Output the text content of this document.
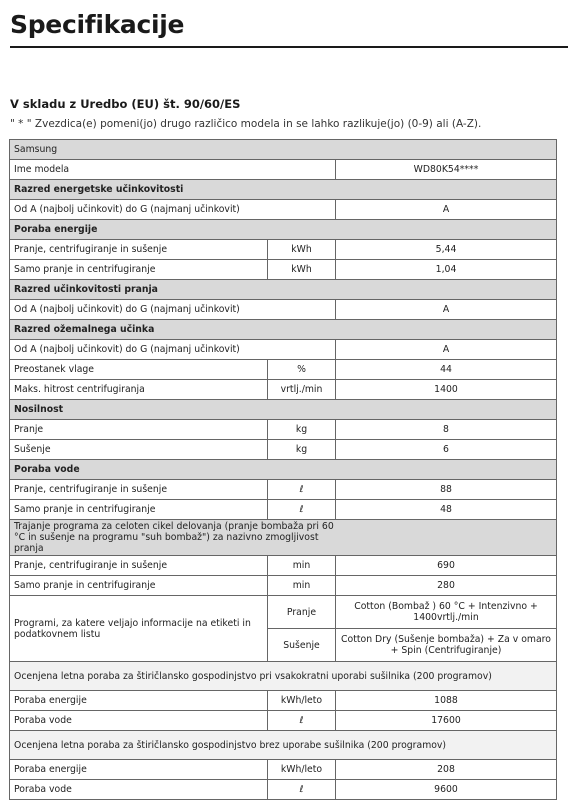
Specifikacije

V skladu z Uredbo (EU) št. 90/60/ES

" * " Zvezdica(e) pomeni(jo) drugo različico modela in se lahko razlikuje(jo) (0-9) ali (A-Z).

Samsung		
Ime modela		WD80K54****
Razred energetske učinkovitosti		
Od A (najbolj učinkovit) do G (najmanj učinkovit)		A
Poraba energije		
Pranje, centrifugiranje in sušenje	kWh	5,44
Samo pranje in centrifugiranje	kWh	1,04
Razred učinkovitosti pranja		
Od A (najbolj učinkovit) do G (najmanj učinkovit)		A
Razred ožemalnega učinka		
Od A (najbolj učinkovit) do G (najmanj učinkovit)		A
Preostanek vlage	%	44
Maks. hitrost centrifugiranja	vrtlj./min	1400
Nosilnost		
Pranje	kg	8
Sušenje	kg	6
Poraba vode		
Pranje, centrifugiranje in sušenje	ℓ	88
Samo pranje in centrifugiranje	ℓ	48

Trajanje programa za celoten cikel delovanja (pranje bombaža pri 60 °C in sušenje na programu "suh bombaž") za nazivno zmogljivost pranja		

Pranje, centrifugiranje in sušenje	min	690
Samo pranje in centrifugiranje	min	280
Programi, za katere veljajo informacije na etiketi in podatkovnem listu	Pranje	Cotton (Bombaž ) 60 °C + Intenzivno + 1400vrtlj./min
	Sušenje	Cotton Dry (Sušenje bombaža) + Za v omaro + Spin (Centrifugiranje)
Ocenjena letna poraba za štiričlansko gospodinjstvo pri vsakokratni uporabi sušilnika (200 programov)		
Poraba energije	kWh/leto	1088
Poraba vode	ℓ	17600
Ocenjena letna poraba za štiričlansko gospodinjstvo brez uporabe sušilnika (200 programov)		
Poraba energije	kWh/leto	208
Poraba vode	ℓ	9600
